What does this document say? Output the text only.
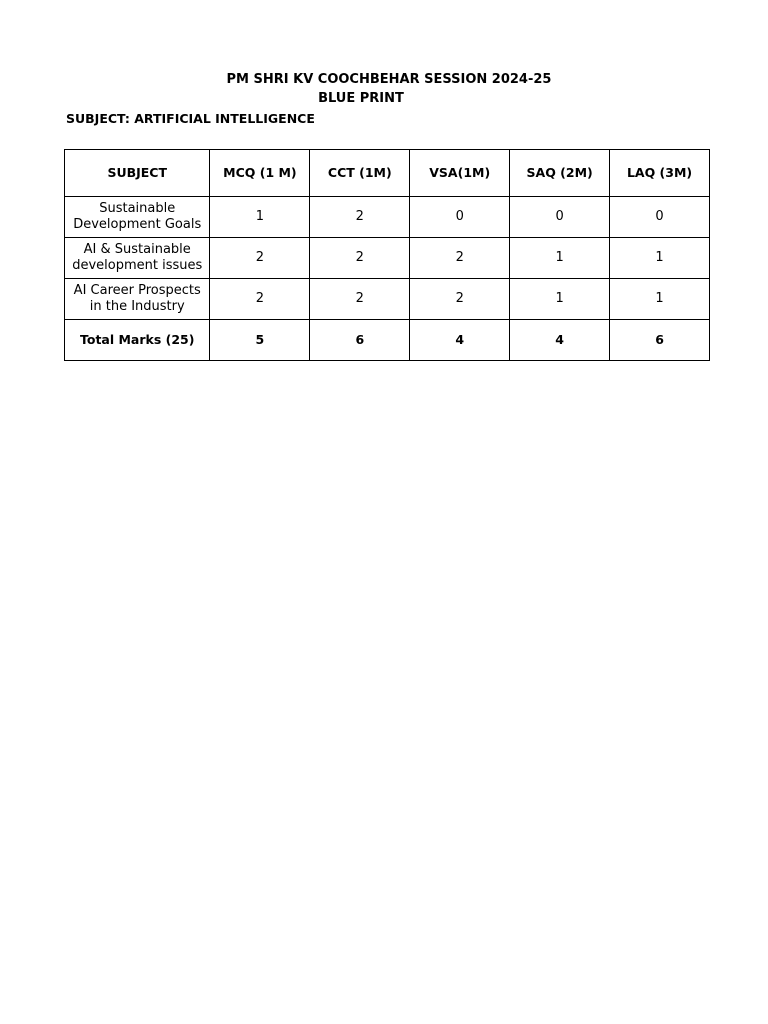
PM SHRI KV COOCHBEHAR SESSION 2024-25
BLUE PRINT
SUBJECT: ARTIFICIAL INTELLIGENCE
SUBJECT	MCQ (1 M)	CCT (1M)	VSA(1M)	SAQ (2M)	LAQ (3M)
Sustainable
Development Goals	1	2	0	0	0
AI & Sustainable
development issues	2	2	2	1	1
AI Career Prospects
in the Industry	2	2	2	1	1
Total Marks (25)	5	6	4	4	6
